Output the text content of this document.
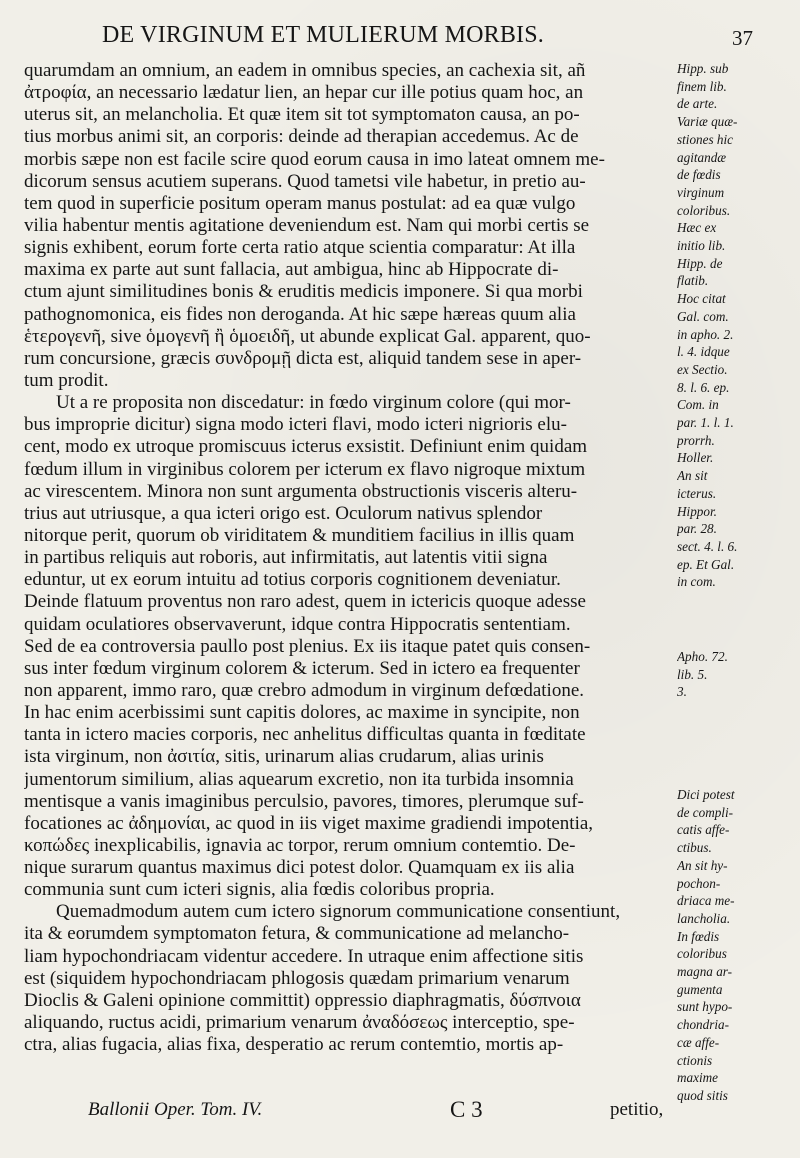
DE VIRGINUM ET MULIERUM MORBIS.	37
quarumdam an omnium, an eadem in omnibus species, an cachexia sit, añ
ἀτροφία, an necessario lædatur lien, an hepar cur ille potius quam hoc, an
uterus sit, an melancholia. Et quæ item sit tot symptomaton causa, an po-
tius morbus animi sit, an corporis: deinde ad therapian accedemus. Ac de
morbis sæpe non est facile scire quod eorum causa in imo lateat omnem me-
dicorum sensus acutiem superans. Quod tametsi vile habetur, in pretio au-
tem quod in superficie positum operam manus postulat: ad ea quæ vulgo
vilia habentur mentis agitatione deveniendum est. Nam qui morbi certis se
signis exhibent, eorum forte certa ratio atque scientia comparatur: At illa
maxima ex parte aut sunt fallacia, aut ambigua, hinc ab Hippocrate di-
ctum ajunt similitudines bonis & eruditis medicis imponere. Si qua morbi
pathognomonica, eis fides non deroganda. At hic sæpe hæreas quum alia
ἑτερογενῆ, sive ὁμογενῆ ἢ ὁμοειδῆ, ut abunde explicat Gal. apparent, quo-
rum concursione, græcis συνδρομῇ dicta est, aliquid tandem sese in aper-
tum prodit.
Ut a re proposita non discedatur: in fœdo virginum colore (qui mor-
bus improprie dicitur) signa modo icteri flavi, modo icteri nigrioris elu-
cent, modo ex utroque promiscuus icterus exsistit. Definiunt enim quidam
fœdum illum in virginibus colorem per icterum ex flavo nigroque mixtum
ac virescentem. Minora non sunt argumenta obstructionis visceris alteru-
trius aut utriusque, a qua icteri origo est. Oculorum nativus splendor
nitorque perit, quorum ob viriditatem & munditiem facilius in illis quam
in partibus reliquis aut roboris, aut infirmitatis, aut latentis vitii signa
eduntur, ut ex eorum intuitu ad totius corporis cognitionem deveniatur.
Deinde flatuum proventus non raro adest, quem in ictericis quoque adesse
quidam oculatiores observaverunt, idque contra Hippocratis sententiam.
Sed de ea controversia paullo post plenius. Ex iis itaque patet quis consen-
sus inter fœdum virginum colorem & icterum. Sed in ictero ea frequenter
non apparent, immo raro, quæ crebro admodum in virginum defœdatione.
In hac enim acerbissimi sunt capitis dolores, ac maxime in syncipite, non
tanta in ictero macies corporis, nec anhelitus difficultas quanta in fœditate
ista virginum, non ἀσιτία, sitis, urinarum alias crudarum, alias urinis
jumentorum similium, alias aquearum excretio, non ita turbida insomnia
mentisque a vanis imaginibus perculsio, pavores, timores, plerumque suf-
focationes ac ἀδημονίαι, ac quod in iis viget maxime gradiendi impotentia,
κοπώδες inexplicabilis, ignavia ac torpor, rerum omnium contemtio. De-
nique surarum quantus maximus dici potest dolor. Quamquam ex iis alia
communia sunt cum icteri signis, alia fœdis coloribus propria.
Quemadmodum autem cum ictero signorum communicatione consentiunt,
ita & eorumdem symptomaton fetura, & communicatione ad melancho-
liam hypochondriacam videntur accedere. In utraque enim affectione sitis
est (siquidem hypochondriacam phlogosis quædam primarium venarum
Dioclis & Galeni opinione committit) oppressio diaphragmatis, δύσπνοια
aliquando, ructus acidi, primarium venarum ἀναδόσεως interceptio, spe-
ctra, alias fugacia, alias fixa, desperatio ac rerum contemtio, mortis ap-
Hipp. sub
finem lib.
de arte.
Variæ quæ-
stiones hic
agitandæ
de fœdis
virginum
coloribus.
Hæc ex
initio lib.
Hipp. de
flatib.
Hoc citat
Gal. com.
in apho. 2.
l. 4. idque
ex Sectio.
8. l. 6. ep.
Com. in
par. 1. l. 1.
prorrh.
Holler.
An sit
icterus.
Hippor.
par. 28.
sect. 4. l. 6.
ep. Et Gal.
in com.
Apho. 72.
lib. 5.
3.
Dici potest
de compli-
catis affe-
ctibus.
An sit hy-
pochon-
driaca me-
lancholia.
In fœdis
coloribus
magna ar-
gumenta
sunt hypo-
chondria-
cæ affe-
ctionis
maxime
quod sitis
Ballonii Oper. Tom. IV.	C 3	petitio,
